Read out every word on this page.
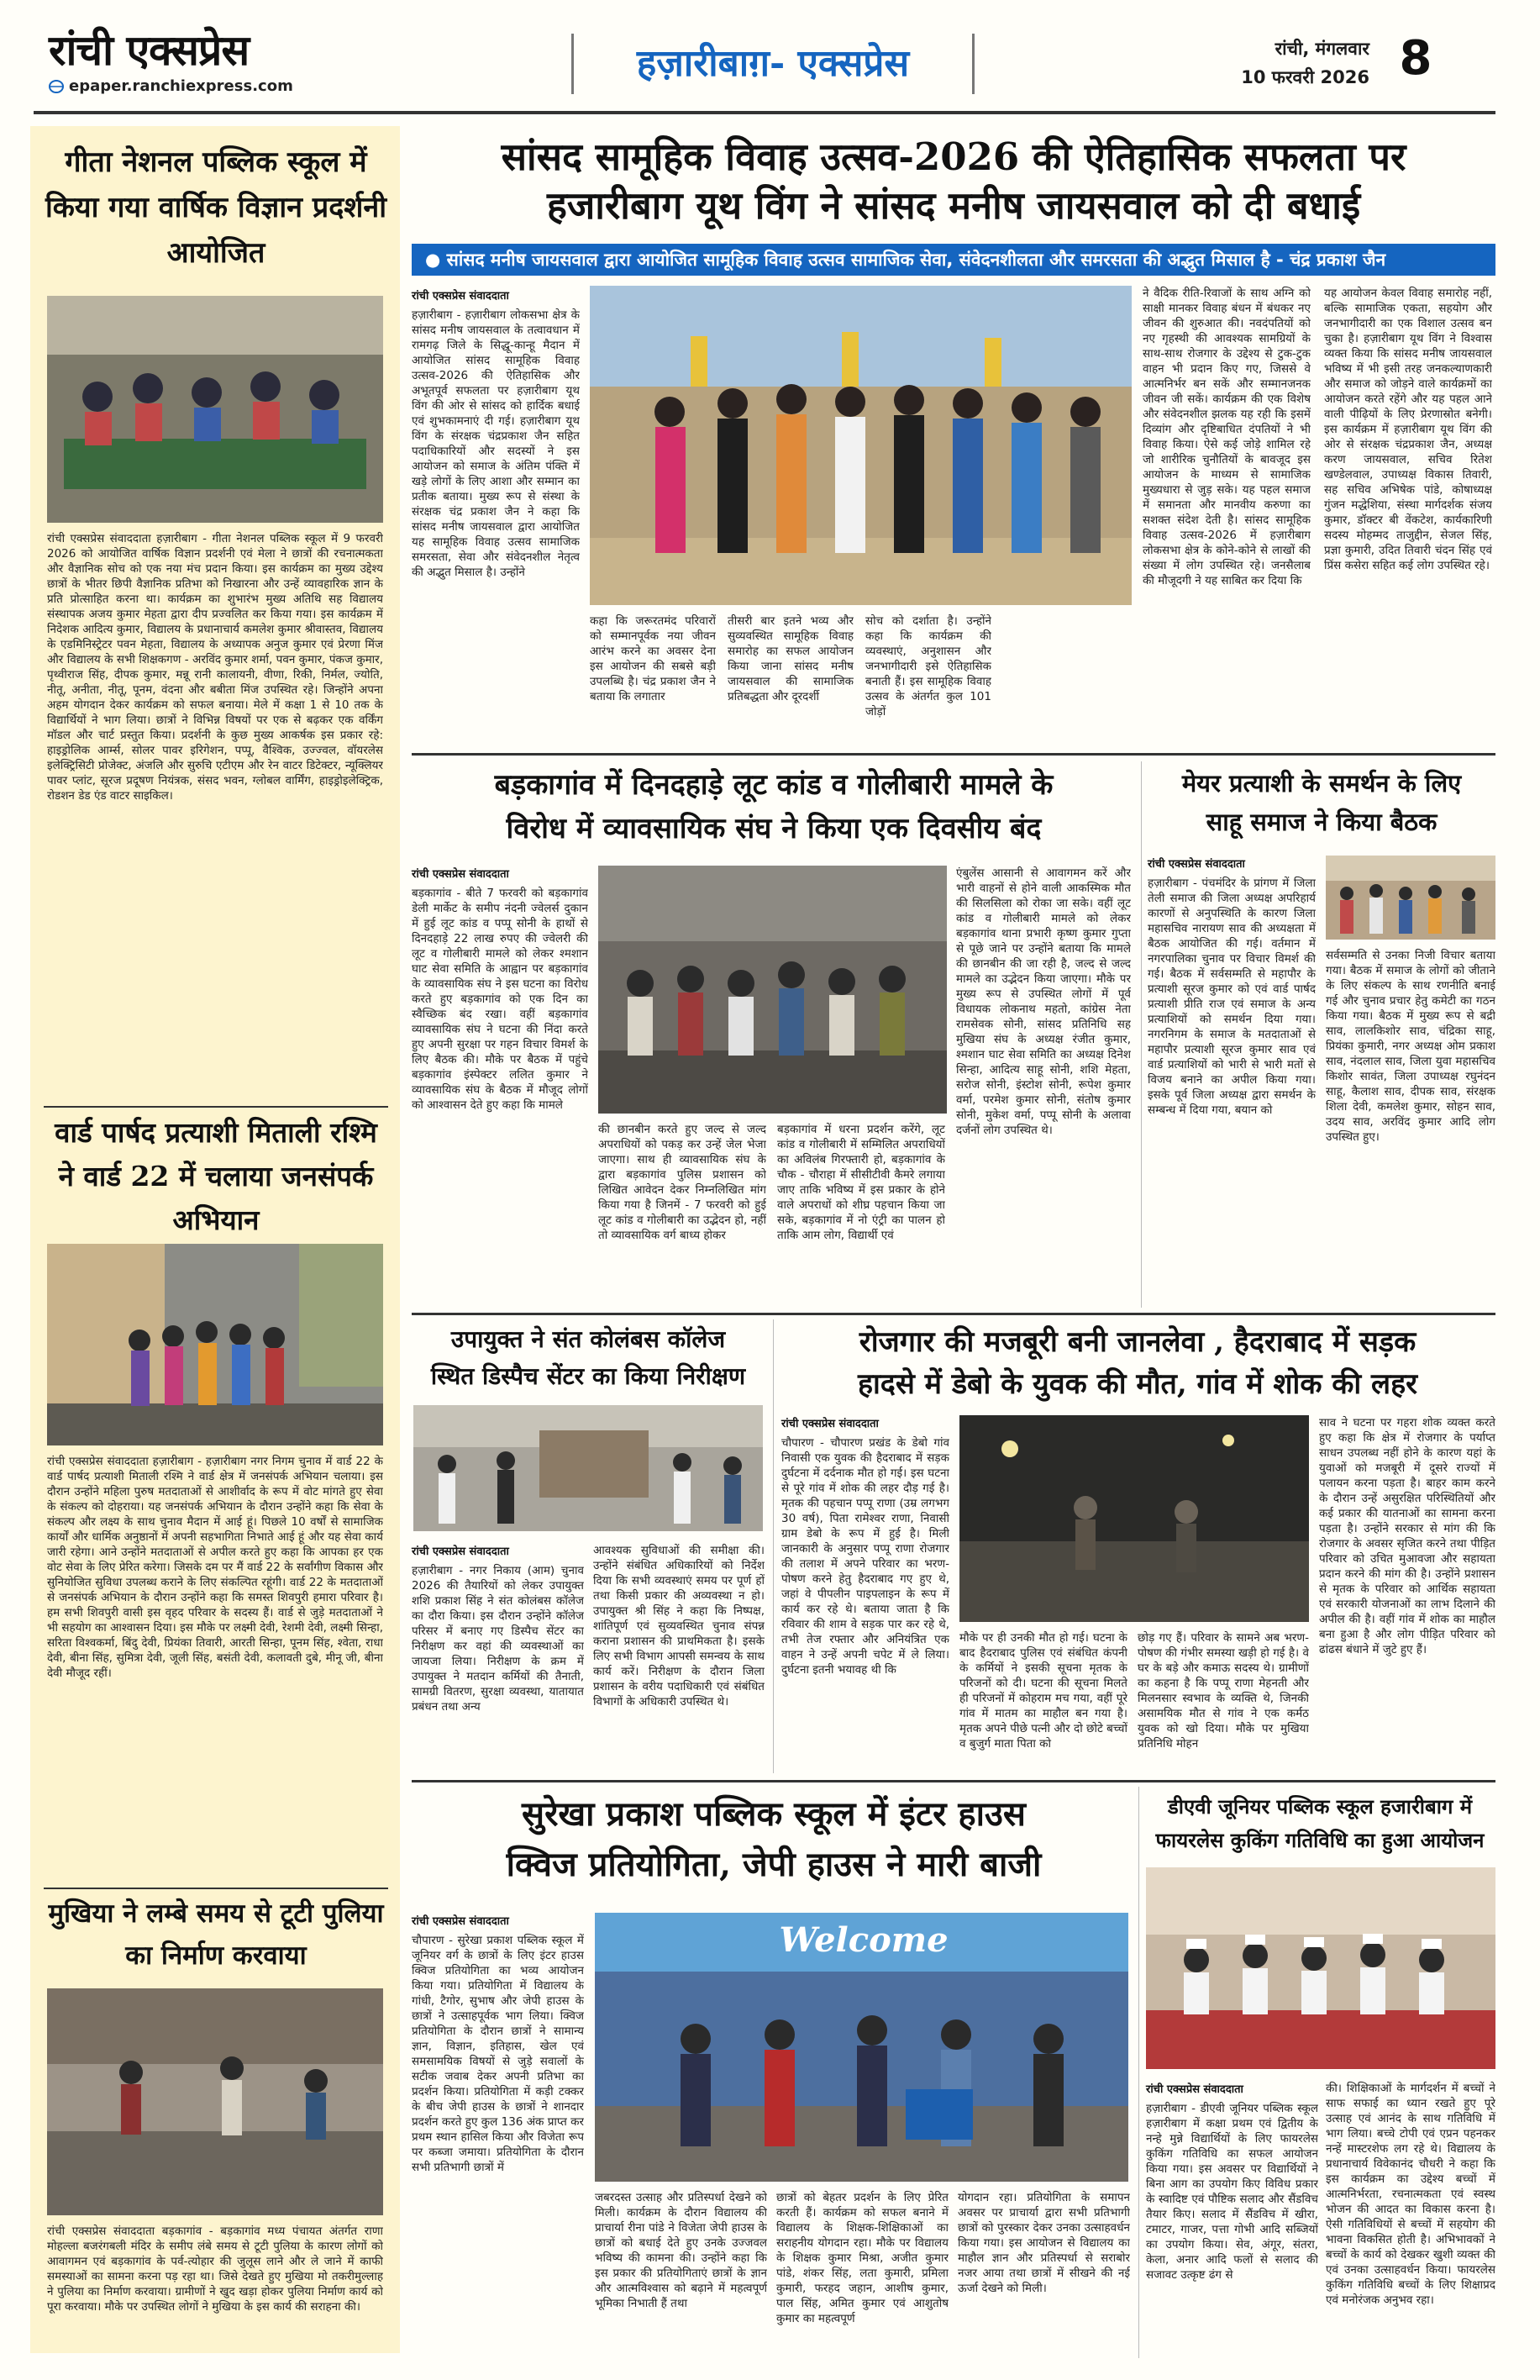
रांची एक्सप्रेस
epaper.ranchiexpress.com
हज़ारीबाग़- एक्सप्रेस	रांची, मंगलवार
10 फरवरी 2026 8
गीता नेशनल पब्लिक स्कूल में किया गया वार्षिक विज्ञान प्रदर्शनी आयोजित
रांची एक्सप्रेस संवाददाता हज़ारीबाग - गीता नेशनल पब्लिक स्कूल में 9 फरवरी 2026 को आयोजित वार्षिक विज्ञान प्रदर्शनी एवं मेला ने छात्रों की रचनात्मकता और वैज्ञानिक सोच को एक नया मंच प्रदान किया। इस कार्यक्रम का मुख्य उद्देश्य छात्रों के भीतर छिपी वैज्ञानिक प्रतिभा को निखारना और उन्हें व्यावहारिक ज्ञान के प्रति प्रोत्साहित करना था। कार्यक्रम का शुभारंभ मुख्य अतिथि सह विद्यालय संस्थापक अजय कुमार मेहता द्वारा दीप प्रज्वलित कर किया गया। इस कार्यक्रम में निदेशक आदित्य कुमार, विद्यालय के प्रधानाचार्य कमलेश कुमार श्रीवास्तव, विद्यालय के एडमिनिस्ट्रेटर पवन मेहता, विद्यालय के अध्यापक अनुज कुमार एवं प्रेरणा मिंज और विद्यालय के सभी शिक्षकगण - अरविंद कुमार शर्मा, पवन कुमार, पंकज कुमार, पृथ्वीराज सिंह, दीपक कुमार, मन्नू रानी कालायनी, वीणा, रिकी, निर्मल, ज्योति, नीतू, अनीता, नीतू, पूनम, वंदना और बबीता मिंज उपस्थित रहे। जिन्होंने अपना अहम योगदान देकर कार्यक्रम को सफल बनाया। मेले में कक्षा 1 से 10 तक के विद्यार्थियों ने भाग लिया। छात्रों ने विभिन्न विषयों पर एक से बढ़कर एक वर्किंग मॉडल और चार्ट प्रस्तुत किया। प्रदर्शनी के कुछ मुख्य आकर्षक इस प्रकार रहे: हाइड्रोलिक आर्म्स, सोलर पावर इरिगेशन, पप्पू, वैश्विक, उज्ज्वल, वॉयरलेस इलेक्ट्रिसिटी प्रोजेक्ट, अंजलि और सुरुचि एटीएम और रेन वाटर डिटेक्टर, न्यूक्लियर पावर प्लांट, सूरज प्रदूषण नियंत्रक, संसद भवन, ग्लोबल वार्मिंग, हाइड्रोइलेक्ट्रिक, रोडशन डेड एंड वाटर साइकिल।
वार्ड पार्षद प्रत्याशी मिताली रश्मि ने वार्ड 22 में चलाया जनसंपर्क अभियान
रांची एक्सप्रेस संवाददाता हज़ारीबाग - हज़ारीबाग नगर निगम चुनाव में वार्ड 22 के वार्ड पार्षद प्रत्याशी मिताली रश्मि ने वार्ड क्षेत्र में जनसंपर्क अभियान चलाया। इस दौरान उन्होंने महिला पुरुष मतदाताओं से आशीर्वाद के रूप में वोट मांगते हुए सेवा के संकल्प को दोहराया। यह जनसंपर्क अभियान के दौरान उन्होंने कहा कि सेवा के संकल्प और लक्ष्य के साथ चुनाव मैदान में आई हूं। पिछले 10 वर्षों से सामाजिक कार्यों और धार्मिक अनुष्ठानों में अपनी सहभागिता निभाते आई हूं और यह सेवा कार्य जारी रहेगा। आने उन्होंने मतदाताओं से अपील करते हुए कहा कि आपका हर एक वोट सेवा के लिए प्रेरित करेगा। जिसके दम पर मैं वार्ड 22 के सर्वांगीण विकास और सुनियोजित सुविधा उपलब्ध कराने के लिए संकल्पित रहूंगी। वार्ड 22 के मतदाताओं से जनसंपर्क अभियान के दौरान उन्होंने कहा कि समस्त शिवपुरी हमारा परिवार है। हम सभी शिवपुरी वासी इस वृहद परिवार के सदस्य हैं। वार्ड से जुड़े मतदाताओं ने भी सहयोग का आश्वासन दिया। इस मौके पर लक्ष्मी देवी, रेशमी देवी, लक्ष्मी सिन्हा, सरिता विश्वकर्मा, बिंदु देवी, प्रियंका तिवारी, आरती सिन्हा, पूनम सिंह, श्वेता, राधा देवी, बीना सिंह, सुमित्रा देवी, जूली सिंह, बसंती देवी, कलावती दुबे, मीनू जी, बीना देवी मौजूद रहीं।
मुखिया ने लम्बे समय से टूटी पुलिया का निर्माण करवाया
रांची एक्सप्रेस संवाददाता बड़कागांव - बड़कागांव मध्य पंचायत अंतर्गत राणा मोहल्ला बजरंगबली मंदिर के समीप लंबे समय से टूटी पुलिया के कारण लोगों को आवागमन एवं बड़कागांव के पर्व-त्योहार की जुलूस लाने और ले जाने में काफी समस्याओं का सामना करना पड़ रहा था। जिसे देखते हुए मुखिया मो तकरीमुल्लाह ने पुलिया का निर्माण करवाया। ग्रामीणों ने खुद खड़ा होकर पुलिया निर्माण कार्य को पूरा करवाया। मौके पर उपस्थित लोगों ने मुखिया के इस कार्य की सराहना की।
सांसद सामूहिक विवाह उत्सव-2026 की ऐतिहासिक सफलता पर
हजारीबाग यूथ विंग ने सांसद मनीष जायसवाल को दी बधाई
● सांसद मनीष जायसवाल द्वारा आयोजित सामूहिक विवाह उत्सव सामाजिक सेवा, संवेदनशीलता और समरसता की अद्भुत मिसाल है - चंद्र प्रकाश जैन
रांची एक्सप्रेस संवाददाता
हज़ारीबाग - हज़ारीबाग लोकसभा क्षेत्र के सांसद मनीष जायसवाल के तत्वावधान में रामगढ़ जिले के सिद्धू-कान्हू मैदान में आयोजित सांसद सामूहिक विवाह उत्सव-2026 की ऐतिहासिक और अभूतपूर्व सफलता पर हज़ारीबाग यूथ विंग की ओर से सांसद को हार्दिक बधाई एवं शुभकामनाएं दी गई। हज़ारीबाग यूथ विंग के संरक्षक चंद्रप्रकाश जैन सहित पदाधिकारियों और सदस्यों ने इस आयोजन को समाज के अंतिम पंक्ति में खड़े लोगों के लिए आशा और सम्मान का प्रतीक बताया। मुख्य रूप से संस्था के संरक्षक चंद्र प्रकाश जैन ने कहा कि सांसद मनीष जायसवाल द्वारा आयोजित यह सामूहिक विवाह उत्सव सामाजिक समरसता, सेवा और संवेदनशील नेतृत्व की अद्भुत मिसाल है। उन्होंने
कहा कि जरूरतमंद परिवारों को सम्मानपूर्वक नया जीवन आरंभ करने का अवसर देना इस आयोजन की सबसे बड़ी उपलब्धि है। चंद्र प्रकाश जैन ने बताया कि लगातार
तीसरी बार इतने भव्य और सुव्यवस्थित सामूहिक विवाह समारोह का सफल आयोजन किया जाना सांसद मनीष जायसवाल की सामाजिक प्रतिबद्धता और दूरदर्शी
सोच को दर्शाता है। उन्होंने कहा कि कार्यक्रम की व्यवस्थाएं, अनुशासन और जनभागीदारी इसे ऐतिहासिक बनाती हैं। इस सामूहिक विवाह उत्सव के अंतर्गत कुल 101 जोड़ों
ने वैदिक रीति-रिवाजों के साथ अग्नि को साक्षी मानकर विवाह बंधन में बंधकर नए जीवन की शुरुआत की। नवदंपतियों को नए गृहस्थी की आवश्यक सामग्रियों के साथ-साथ रोजगार के उद्देश्य से टुक-टुक वाहन भी प्रदान किए गए, जिससे वे आत्मनिर्भर बन सकें और सम्मानजनक जीवन जी सकें। कार्यक्रम की एक विशेष और संवेदनशील झलक यह रही कि इसमें दिव्यांग और दृष्टिबाधित दंपतियों ने भी विवाह किया। ऐसे कई जोड़े शामिल रहे जो शारीरिक चुनौतियों के बावजूद इस आयोजन के माध्यम से सामाजिक मुख्यधारा से जुड़ सके। यह पहल समाज में समानता और मानवीय करुणा का सशक्त संदेश देती है। सांसद सामूहिक विवाह उत्सव-2026 में हज़ारीबाग लोकसभा क्षेत्र के कोने-कोने से लाखों की संख्या में लोग उपस्थित रहे। जनसैलाब की मौजूदगी ने यह साबित कर दिया कि
यह आयोजन केवल विवाह समारोह नहीं, बल्कि सामाजिक एकता, सहयोग और जनभागीदारी का एक विशाल उत्सव बन चुका है। हज़ारीबाग यूथ विंग ने विश्वास व्यक्त किया कि सांसद मनीष जायसवाल भविष्य में भी इसी तरह जनकल्याणकारी और समाज को जोड़ने वाले कार्यक्रमों का आयोजन करते रहेंगे और यह पहल आने वाली पीढ़ियों के लिए प्रेरणास्रोत बनेगी। इस कार्यक्रम में हज़ारीबाग यूथ विंग की ओर से संरक्षक चंद्रप्रकाश जैन, अध्यक्ष करण जायसवाल, सचिव रितेश खण्डेलवाल, उपाध्यक्ष विकास तिवारी, सह सचिव अभिषेक पांडे, कोषाध्यक्ष गुंजन मद्धेशिया, संस्था मार्गदर्शक संजय कुमार, डॉक्टर बी वेंकटेश, कार्यकारिणी सदस्य मोहम्मद ताजुद्दीन, सेजल सिंह, प्रज्ञा कुमारी, उदित तिवारी चंदन सिंह एवं प्रिंस कसेरा सहित कई लोग उपस्थित रहे।
बड़कागांव में दिनदहाड़े लूट कांड व गोलीबारी मामले के
विरोध में व्यावसायिक संघ ने किया एक दिवसीय बंद
रांची एक्सप्रेस संवाददाता
बड़कागांव - बीते 7 फरवरी को बड़कागांव डेली मार्केट के समीप नंदनी ज्वेलर्स दुकान में हुई लूट कांड व पप्पू सोनी के हाथों से दिनदहाड़े 22 लाख रुपए की ज्वेलरी की लूट व गोलीबारी मामले को लेकर श्मशान घाट सेवा समिति के आह्वान पर बड़कागांव के व्यावसायिक संघ ने इस घटना का विरोध करते हुए बड़कागांव को एक दिन का स्वैच्छिक बंद रखा। वहीं बड़कागांव व्यावसायिक संघ ने घटना की निंदा करते हुए अपनी सुरक्षा पर गहन विचार विमर्श के लिए बैठक की। मौके पर बैठक में पहुंचे बड़कागांव इंस्पेक्टर ललित कुमार ने व्यावसायिक संघ के बैठक में मौजूद लोगों को आश्वासन देते हुए कहा कि मामले
की छानबीन करते हुए जल्द से जल्द अपराधियों को पकड़ कर उन्हें जेल भेजा जाएगा। साथ ही व्यावसायिक संघ के द्वारा बड़कागांव पुलिस प्रशासन को लिखित आवेदन देकर निम्नलिखित मांग किया गया है जिनमें - 7 फरवरी को हुई लूट कांड व गोलीबारी का उद्भेदन हो, नहीं तो व्यावसायिक वर्ग बाध्य होकर
बड़कागांव में धरना प्रदर्शन करेंगे, लूट कांड व गोलीबारी में सम्मिलित अपराधियों का अविलंब गिरफ्तारी हो, बड़कागांव के चौक - चौराहा में सीसीटीवी कैमरे लगाया जाए ताकि भविष्य में इस प्रकार के होने वाले अपराधों को शीघ्र पहचान किया जा सके, बड़कागांव में नो एंट्री का पालन हो ताकि आम लोग, विद्यार्थी एवं
एंबुलेंस आसानी से आवागमन करें और भारी वाहनों से होने वाली आकस्मिक मौत की सिलसिला को रोका जा सके। वहीं लूट कांड व गोलीबारी मामले को लेकर बड़कागांव थाना प्रभारी कृष्ण कुमार गुप्ता से पूछे जाने पर उन्होंने बताया कि मामले की छानबीन की जा रही है, जल्द से जल्द मामले का उद्भेदन किया जाएगा। मौके पर मुख्य रूप से उपस्थित लोगों में पूर्व विधायक लोकनाथ महतो, कांग्रेस नेता रामसेवक सोनी, सांसद प्रतिनिधि सह मुखिया संघ के अध्यक्ष रंजीत कुमार, श्मशान घाट सेवा समिति का अध्यक्ष दिनेश सिन्हा, आदित्य साहू सोनी, शशि मेहता, सरोज सोनी, इंस्टोश सोनी, रूपेश कुमार वर्मा, परमेश कुमार सोनी, संतोष कुमार सोनी, मुकेश वर्मा, पप्पू सोनी के अलावा दर्जनों लोग उपस्थित थे।
मेयर प्रत्याशी के समर्थन के लिए
साहू समाज ने किया बैठक
रांची एक्सप्रेस संवाददाता
हज़ारीबाग - पंचमंदिर के प्रांगण में जिला तेली समाज की जिला अध्यक्ष अपरिहार्य कारणों से अनुपस्थिति के कारण जिला महासचिव नारायण साव की अध्यक्षता में बैठक आयोजित की गई। वर्तमान में नगरपालिका चुनाव पर विचार विमर्श की गई। बैठक में सर्वसम्मति से महापौर के प्रत्याशी सूरज कुमार को एवं वार्ड पार्षद प्रत्याशी प्रीति राज एवं समाज के अन्य प्रत्याशियों को समर्थन दिया गया। नगरनिगम के समाज के मतदाताओं से महापौर प्रत्याशी सूरज कुमार साव एवं वार्ड प्रत्याशियों को भारी से भारी मतों से विजय बनाने का अपील किया गया। इसके पूर्व जिला अध्यक्ष द्वारा समर्थन के सम्बन्ध में दिया गया, बयान को
सर्वसम्मति से उनका निजी विचार बताया गया। बैठक में समाज के लोगों को जीताने के लिए संकल्प के साथ रणनीति बनाई गई और चुनाव प्रचार हेतु कमेटी का गठन किया गया। बैठक में मुख्य रूप से बद्री साव, लालकिशोर साव, चंद्रिका साहू, प्रियंका कुमारी, नगर अध्यक्ष ओम प्रकाश साव, नंदलाल साव, जिला युवा महासचिव किशोर सावंत, जिला उपाध्यक्ष रघुनंदन साहू, कैलाश साव, दीपक साव, संरक्षक शिला देवी, कमलेश कुमार, सोहन साव, उदय साव, अरविंद कुमार आदि लोग उपस्थित हुए।
उपायुक्त ने संत कोलंबस कॉलेज
स्थित डिस्पैच सेंटर का किया निरीक्षण
रांची एक्सप्रेस संवाददाता
हज़ारीबाग - नगर निकाय (आम) चुनाव 2026 की तैयारियों को लेकर उपायुक्त शशि प्रकाश सिंह ने संत कोलंबस कॉलेज का दौरा किया। इस दौरान उन्होंने कॉलेज परिसर में बनाए गए डिस्पैच सेंटर का निरीक्षण कर वहां की व्यवस्थाओं का जायजा लिया। निरीक्षण के क्रम में उपायुक्त ने मतदान कर्मियों की तैनाती, सामग्री वितरण, सुरक्षा व्यवस्था, यातायात प्रबंधन तथा अन्य
आवश्यक सुविधाओं की समीक्षा की। उन्होंने संबंधित अधिकारियों को निर्देश दिया कि सभी व्यवस्थाएं समय पर पूर्ण हों तथा किसी प्रकार की अव्यवस्था न हो। उपायुक्त श्री सिंह ने कहा कि निष्पक्ष, शांतिपूर्ण एवं सुव्यवस्थित चुनाव संपन्न कराना प्रशासन की प्राथमिकता है। इसके लिए सभी विभाग आपसी समन्वय के साथ कार्य करें। निरीक्षण के दौरान जिला प्रशासन के वरीय पदाधिकारी एवं संबंधित विभागों के अधिकारी उपस्थित थे।
रोजगार की मजबूरी बनी जानलेवा , हैदराबाद में सड़क
हादसे में डेबो के युवक की मौत, गांव में शोक की लहर
रांची एक्सप्रेस संवाददाता
चौपारण - चौपारण प्रखंड के डेबो गांव निवासी एक युवक की हैदराबाद में सड़क दुर्घटना में दर्दनाक मौत हो गई। इस घटना से पूरे गांव में शोक की लहर दौड़ गई है। मृतक की पहचान पप्पू राणा (उम्र लगभग 30 वर्ष), पिता रामेश्वर राणा, निवासी ग्राम डेबो के रूप में हुई है। मिली जानकारी के अनुसार पप्पू राणा रोजगार की तलाश में अपने परिवार का भरण-पोषण करने हेतु हैदराबाद गए हुए थे, जहां वे पीपलीन पाइपलाइन के रूप में कार्य कर रहे थे। बताया जाता है कि रविवार की शाम वे सड़क पार कर रहे थे, तभी तेज रफ्तार और अनियंत्रित एक वाहन ने उन्हें अपनी चपेट में ले लिया। दुर्घटना इतनी भयावह थी कि
मौके पर ही उनकी मौत हो गई। घटना के बाद हैदराबाद पुलिस एवं संबंधित कंपनी के कर्मियों ने इसकी सूचना मृतक के परिजनों को दी। घटना की सूचना मिलते ही परिजनों में कोहराम मच गया, वहीं पूरे गांव में मातम का माहौल बन गया है। मृतक अपने पीछे पत्नी और दो छोटे बच्चों व बुजुर्ग माता पिता को
छोड़ गए हैं। परिवार के सामने अब भरण-पोषण की गंभीर समस्या खड़ी हो गई है। वे घर के बड़े और कमाऊ सदस्य थे। ग्रामीणों का कहना है कि पप्पू राणा मेहनती और मिलनसार स्वभाव के व्यक्ति थे, जिनकी असामयिक मौत से गांव ने एक कर्मठ युवक को खो दिया। मौके पर मुखिया प्रतिनिधि मोहन
साव ने घटना पर गहरा शोक व्यक्त करते हुए कहा कि क्षेत्र में रोजगार के पर्याप्त साधन उपलब्ध नहीं होने के कारण यहां के युवाओं को मजबूरी में दूसरे राज्यों में पलायन करना पड़ता है। बाहर काम करने के दौरान उन्हें असुरक्षित परिस्थितियों और कई प्रकार की यातनाओं का सामना करना पड़ता है। उन्होंने सरकार से मांग की कि रोजगार के अवसर सृजित करने तथा पीड़ित परिवार को उचित मुआवजा और सहायता प्रदान करने की मांग की है। उन्होंने प्रशासन से मृतक के परिवार को आर्थिक सहायता एवं सरकारी योजनाओं का लाभ दिलाने की अपील की है। वहीं गांव में शोक का माहौल बना हुआ है और लोग पीड़ित परिवार को ढांढस बंधाने में जुटे हुए हैं।
सुरेखा प्रकाश पब्लिक स्कूल में इंटर हाउस
क्विज प्रतियोगिता, जेपी हाउस ने मारी बाजी
रांची एक्सप्रेस संवाददाता
चौपारण - सुरेखा प्रकाश पब्लिक स्कूल में जूनियर वर्ग के छात्रों के लिए इंटर हाउस क्विज प्रतियोगिता का भव्य आयोजन किया गया। प्रतियोगिता में विद्यालय के गांधी, टैगोर, सुभाष और जेपी हाउस के छात्रों ने उत्साहपूर्वक भाग लिया। क्विज प्रतियोगिता के दौरान छात्रों ने सामान्य ज्ञान, विज्ञान, इतिहास, खेल एवं समसामयिक विषयों से जुड़े सवालों के सटीक जवाब देकर अपनी प्रतिभा का प्रदर्शन किया। प्रतियोगिता में कड़ी टक्कर के बीच जेपी हाउस के छात्रों ने शानदार प्रदर्शन करते हुए कुल 136 अंक प्राप्त कर प्रथम स्थान हासिल किया और विजेता रूप पर कब्जा जमाया। प्रतियोगिता के दौरान सभी प्रतिभागी छात्रों में
Welcome
जबरदस्त उत्साह और प्रतिस्पर्धा देखने को मिली। कार्यक्रम के दौरान विद्यालय की प्राचार्या रीना पांडे ने विजेता जेपी हाउस के छात्रों को बधाई देते हुए उनके उज्जवल भविष्य की कामना की। उन्होंने कहा कि इस प्रकार की प्रतियोगिताएं छात्रों के ज्ञान और आत्मविश्वास को बढ़ाने में महत्वपूर्ण भूमिका निभाती हैं तथा
छात्रों को बेहतर प्रदर्शन के लिए प्रेरित करती हैं। कार्यक्रम को सफल बनाने में विद्यालय के शिक्षक-शिक्षिकाओं का सराहनीय योगदान रहा। मौके पर विद्यालय के शिक्षक कुमार मिश्रा, अजीत कुमार पांडे, शंकर सिंह, लता कुमारी, प्रमिला कुमारी, फरहद जहान, आशीष कुमार, पाल सिंह, अमित कुमार एवं आशुतोष कुमार का महत्वपूर्ण
योगदान रहा। प्रतियोगिता के समापन अवसर पर प्राचार्या द्वारा सभी प्रतिभागी छात्रों को पुरस्कार देकर उनका उत्साहवर्धन किया गया। इस आयोजन से विद्यालय का माहौल ज्ञान और प्रतिस्पर्धा से सराबोर नजर आया तथा छात्रों में सीखने की नई ऊर्जा देखने को मिली।
डीएवी जूनियर पब्लिक स्कूल हजारीबाग में
फायरलेस कुकिंग गतिविधि का हुआ आयोजन
रांची एक्सप्रेस संवाददाता
हज़ारीबाग - डीएवी जूनियर पब्लिक स्कूल हज़ारीबाग में कक्षा प्रथम एवं द्वितीय के नन्हे मुन्ने विद्यार्थियों के लिए फायरलेस कुकिंग गतिविधि का सफल आयोजन किया गया। इस अवसर पर विद्यार्थियों ने बिना आग का उपयोग किए विविध प्रकार के स्वादिष्ट एवं पौष्टिक सलाद और सैंडविच तैयार किए। सलाद में सैंडविच में खीरा, टमाटर, गाजर, पत्ता गोभी आदि सब्जियों का उपयोग किया। सेव, अंगूर, संतरा, केला, अनार आदि फलों से सलाद की सजावट उत्कृष्ट ढंग से
की। शिक्षिकाओं के मार्गदर्शन में बच्चों ने साफ सफाई का ध्यान रखते हुए पूरे उत्साह एवं आनंद के साथ गतिविधि में भाग लिया। बच्चे टोपी एवं एप्रन पहनकर नन्हें मास्टरशेफ लग रहे थे। विद्यालय के प्रधानाचार्य विवेकानंद चौधरी ने कहा कि इस कार्यक्रम का उद्देश्य बच्चों में आत्मनिर्भरता, रचनात्मकता एवं स्वस्थ भोजन की आदत का विकास करना है। ऐसी गतिविधियों से बच्चों में सहयोग की भावना विकसित होती है। अभिभावकों ने बच्चों के कार्य को देखकर खुशी व्यक्त की एवं उनका उत्साहवर्धन किया। फायरलेस कुकिंग गतिविधि बच्चों के लिए शिक्षाप्रद एवं मनोरंजक अनुभव रहा।
